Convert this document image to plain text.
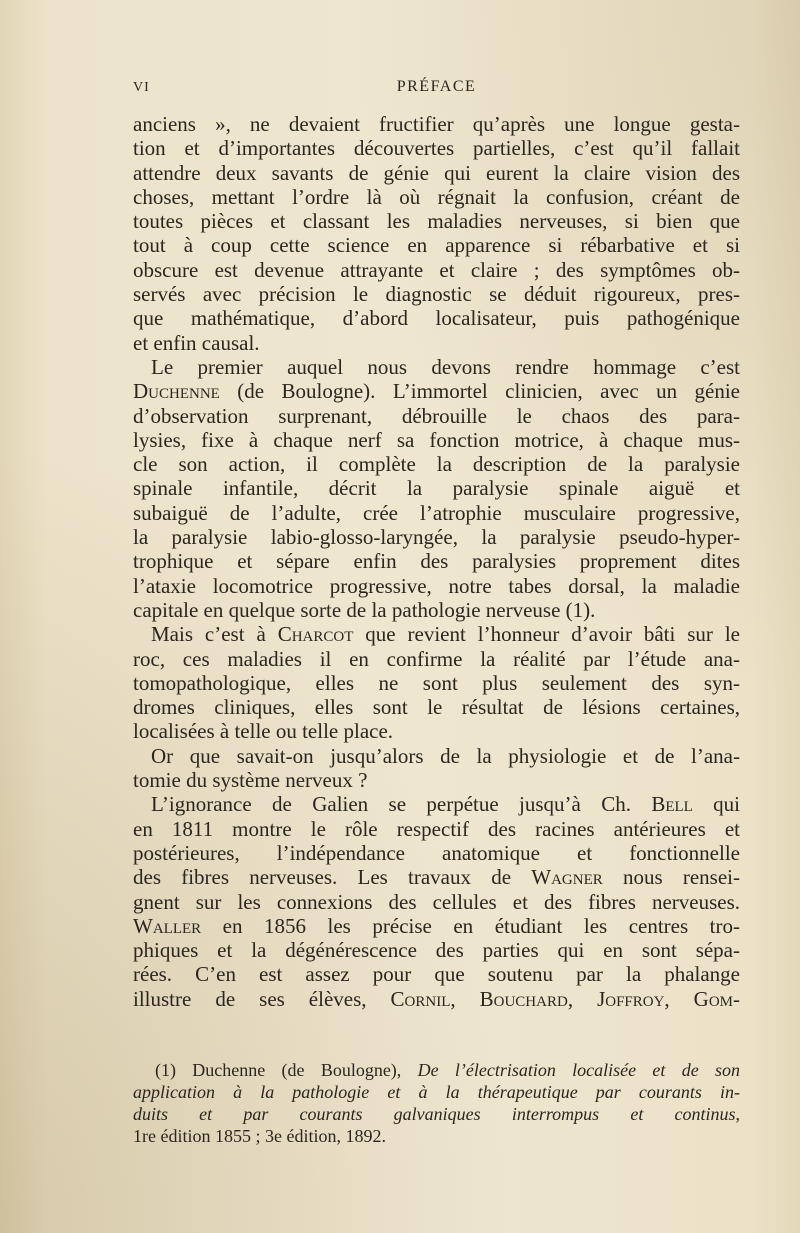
VI	PRÉFACE
anciens », ne devaient fructifier qu’après une longue gesta-
tion et d’importantes découvertes partielles, c’est qu’il fallait
attendre deux savants de génie qui eurent la claire vision des
choses, mettant l’ordre là où régnait la confusion, créant de
toutes pièces et classant les maladies nerveuses, si bien que
tout à coup cette science en apparence si rébarbative et si
obscure est devenue attrayante et claire ; des symptômes ob-
servés avec précision le diagnostic se déduit rigoureux, pres-
que mathématique, d’abord localisateur, puis pathogénique
et enfin causal.
Le premier auquel nous devons rendre hommage c’est
Duchenne (de Boulogne). L’immortel clinicien, avec un génie
d’observation surprenant, débrouille le chaos des para-
lysies, fixe à chaque nerf sa fonction motrice, à chaque mus-
cle son action, il complète la description de la paralysie
spinale infantile, décrit la paralysie spinale aiguë et
subaiguë de l’adulte, crée l’atrophie musculaire progressive,
la paralysie labio-glosso-laryngée, la paralysie pseudo-hyper-
trophique et sépare enfin des paralysies proprement dites
l’ataxie locomotrice progressive, notre tabes dorsal, la maladie
capitale en quelque sorte de la pathologie nerveuse (1).
Mais c’est à Charcot que revient l’honneur d’avoir bâti sur le
roc, ces maladies il en confirme la réalité par l’étude ana-
tomopathologique, elles ne sont plus seulement des syn-
dromes cliniques, elles sont le résultat de lésions certaines,
localisées à telle ou telle place.
Or que savait-on jusqu’alors de la physiologie et de l’ana-
tomie du système nerveux ?
L’ignorance de Galien se perpétue jusqu’à Ch. Bell qui
en 1811 montre le rôle respectif des racines antérieures et
postérieures, l’indépendance anatomique et fonctionnelle
des fibres nerveuses. Les travaux de Wagner nous rensei-
gnent sur les connexions des cellules et des fibres nerveuses.
Waller en 1856 les précise en étudiant les centres tro-
phiques et la dégénérescence des parties qui en sont sépa-
rées. C’en est assez pour que soutenu par la phalange
illustre de ses élèves, Cornil, Bouchard, Joffroy, Gom-
(1) Duchenne (de Boulogne), De l’électrisation localisée et de son
application à la pathologie et à la thérapeutique par courants in-
duits et par courants galvaniques interrompus et continus,
1re édition 1855 ; 3e édition, 1892.
